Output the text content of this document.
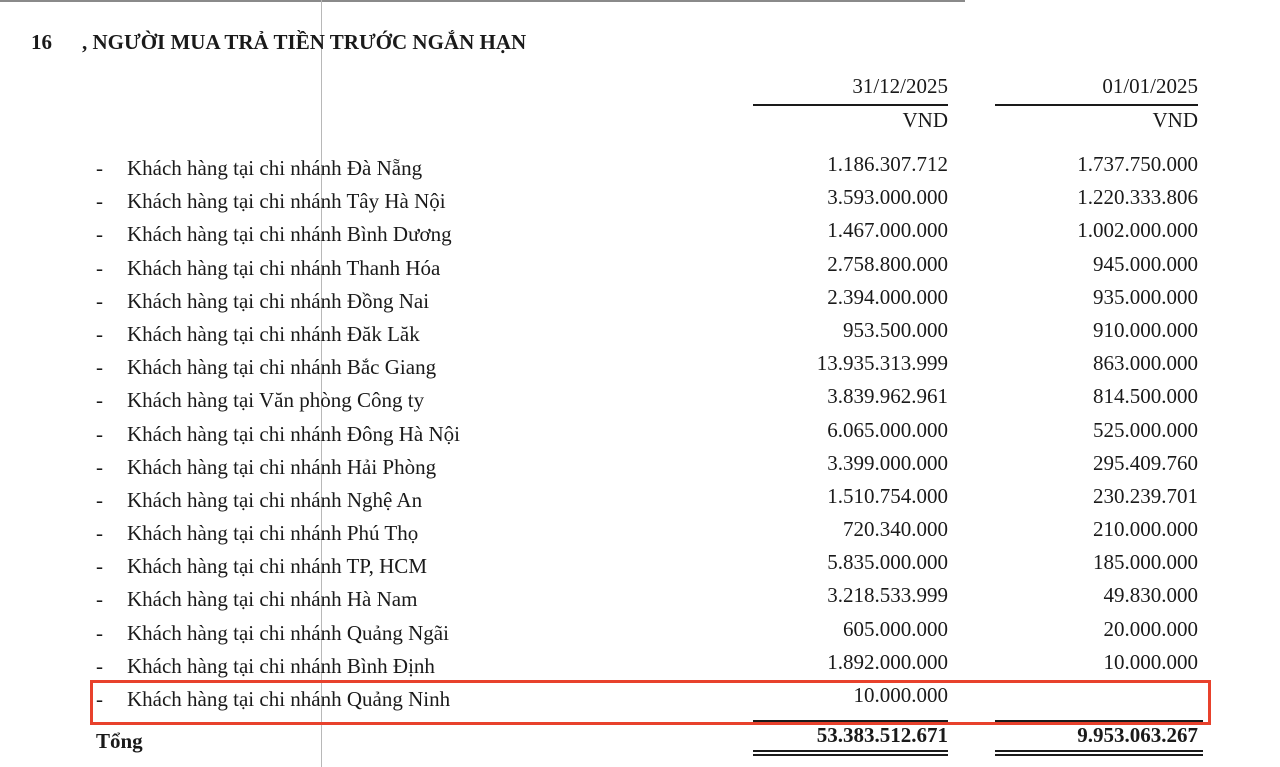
16 , NGƯỜI MUA TRẢ TIỀN TRƯỚC NGẮN HẠN
31/12/2025	01/01/2025
VND	VND
- Khách hàng tại chi nhánh Đà Nẵng	1.186.307.712	1.737.750.000
- Khách hàng tại chi nhánh Tây Hà Nội	3.593.000.000	1.220.333.806
- Khách hàng tại chi nhánh Bình Dương	1.467.000.000	1.002.000.000
- Khách hàng tại chi nhánh Thanh Hóa	2.758.800.000	945.000.000
- Khách hàng tại chi nhánh Đồng Nai	2.394.000.000	935.000.000
- Khách hàng tại chi nhánh Đăk Lăk	953.500.000	910.000.000
- Khách hàng tại chi nhánh Bắc Giang	13.935.313.999	863.000.000
- Khách hàng tại Văn phòng Công ty	3.839.962.961	814.500.000
- Khách hàng tại chi nhánh Đông Hà Nội	6.065.000.000	525.000.000
- Khách hàng tại chi nhánh Hải Phòng	3.399.000.000	295.409.760
- Khách hàng tại chi nhánh Nghệ An	1.510.754.000	230.239.701
- Khách hàng tại chi nhánh Phú Thọ	720.340.000	210.000.000
- Khách hàng tại chi nhánh TP, HCM	5.835.000.000	185.000.000
- Khách hàng tại chi nhánh Hà Nam	3.218.533.999	49.830.000
- Khách hàng tại chi nhánh Quảng Ngãi	605.000.000	20.000.000
- Khách hàng tại chi nhánh Bình Định	1.892.000.000	10.000.000
- Khách hàng tại chi nhánh Quảng Ninh	10.000.000
Tổng	53.383.512.671	9.953.063.267
